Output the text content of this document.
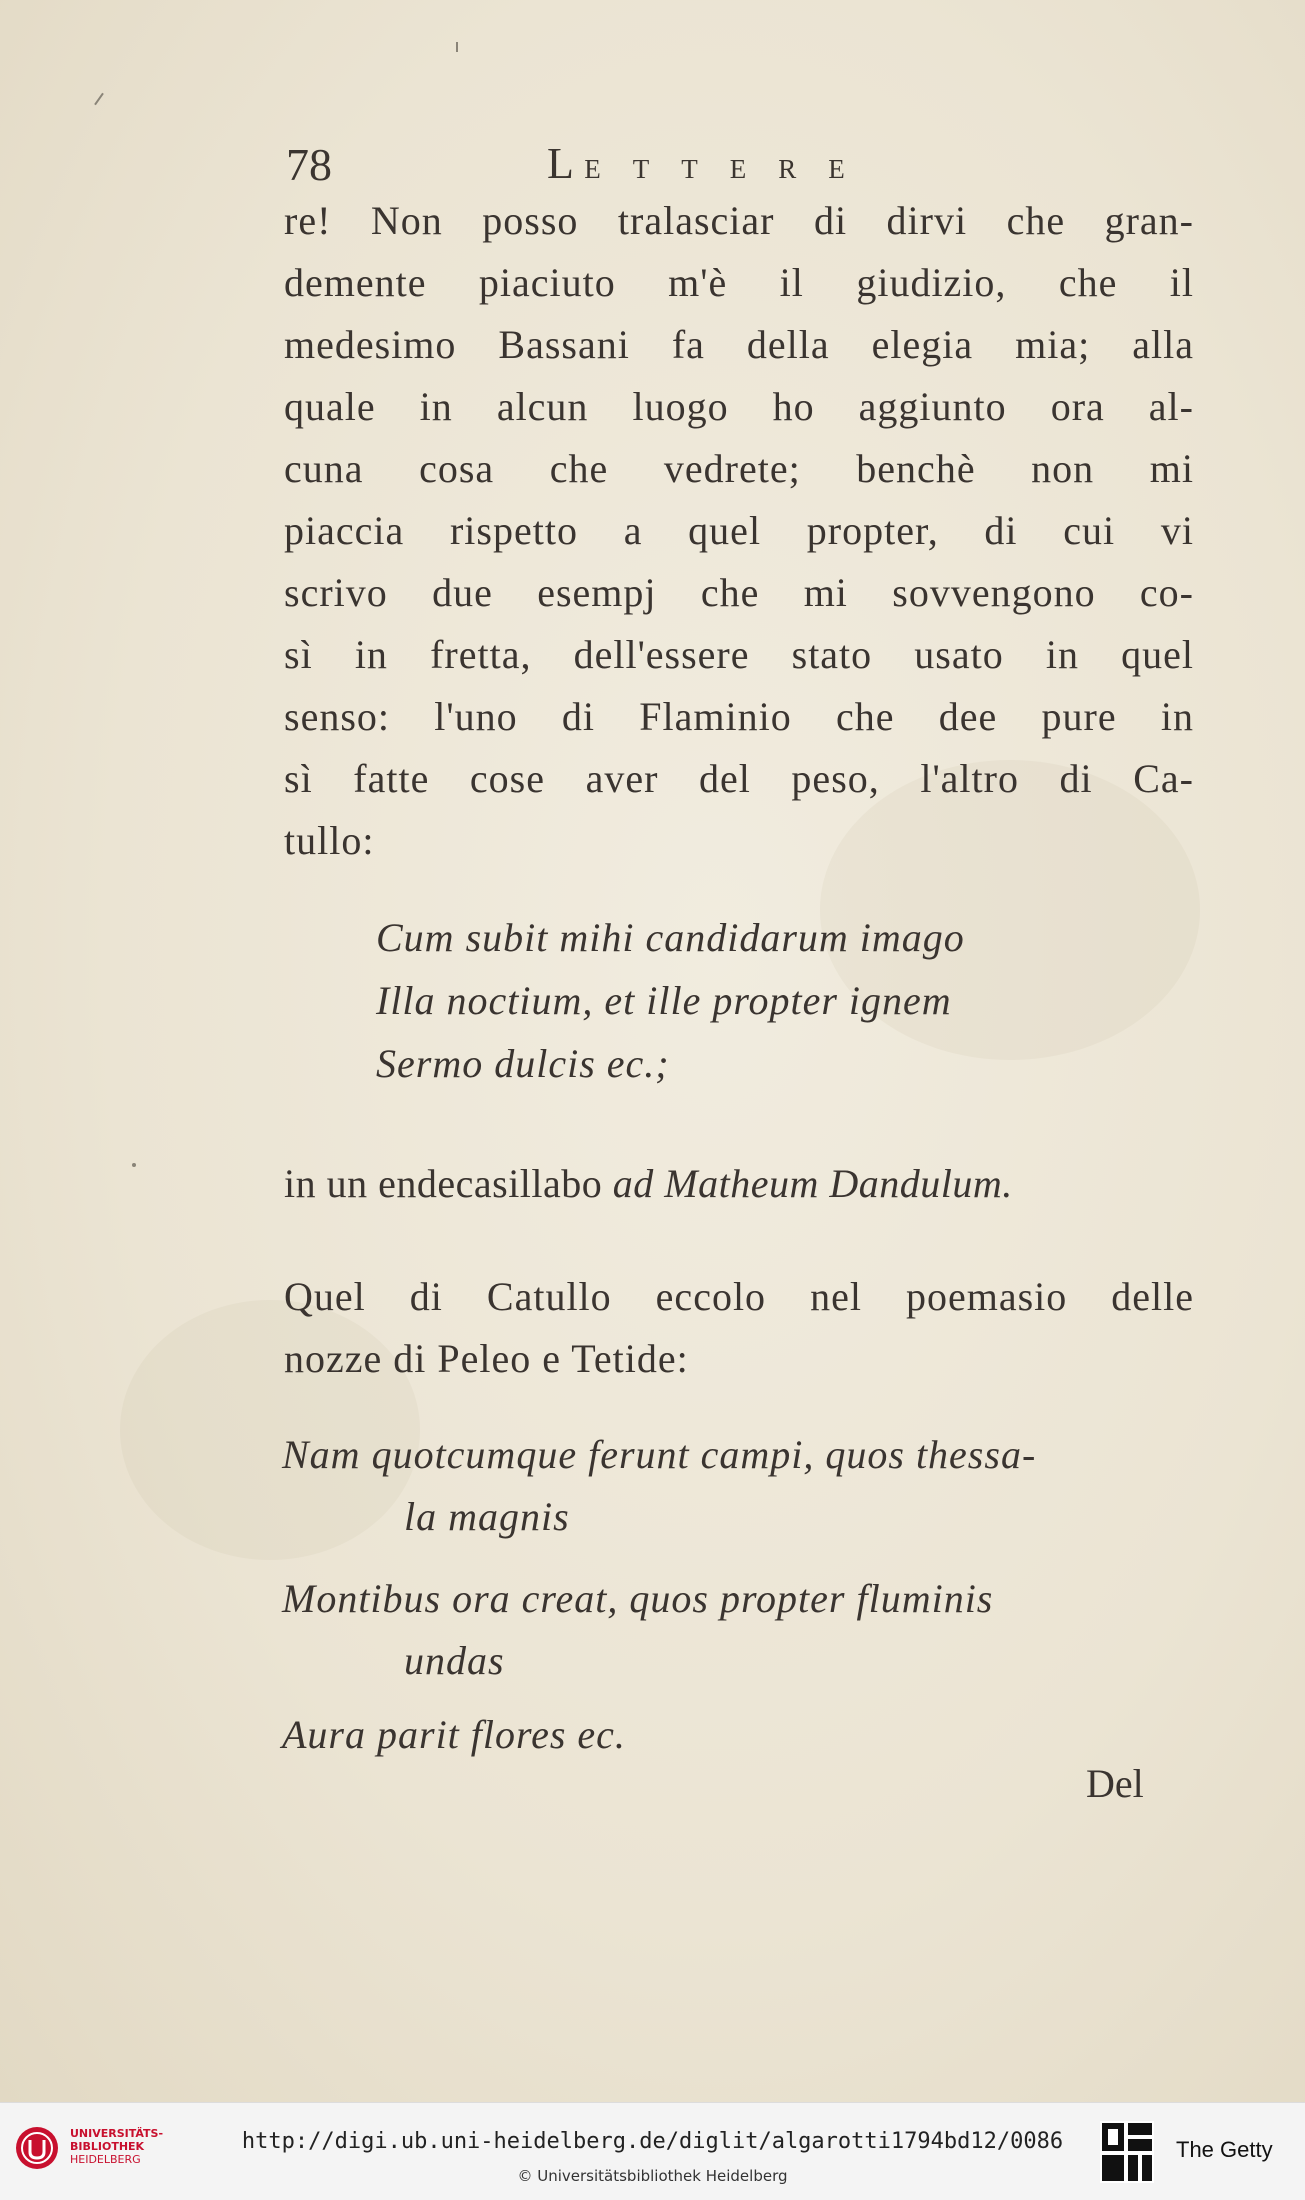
78	L ETTERE
re! Non posso tralasciar di dirvi che gran-
demente piaciuto m'è il giudizio, che il
medesimo Bassani fa della elegia mia; alla
quale in alcun luogo ho aggiunto ora al-
cuna cosa che vedrete; benchè non mi
piaccia rispetto a quel propter, di cui vi
scrivo due esempj che mi sovvengono co-
sì in fretta, dell'essere stato usato in quel
senso: l'uno di Flaminio che dee pure in
sì fatte cose aver del peso, l'altro di Ca-
tullo:
Cum subit mihi candidarum imago
Illa noctium, et ille propter ignem
Sermo dulcis ec.;
in un endecasillabo ad Matheum Dandulum.
Quel di Catullo eccolo nel poemasio delle
nozze di Peleo e Tetide:
Nam quotcumque ferunt campi, quos thessa-
la magnis
Montibus ora creat, quos propter fluminis
undas
Aura parit flores ec.
Del
UNIVERSITÄTS-
BIBLIOTHEK
HEIDELBERG
http://digi.ub.uni-heidelberg.de/diglit/algarotti1794bd12/0086
© Universitätsbibliothek Heidelberg
The Getty
